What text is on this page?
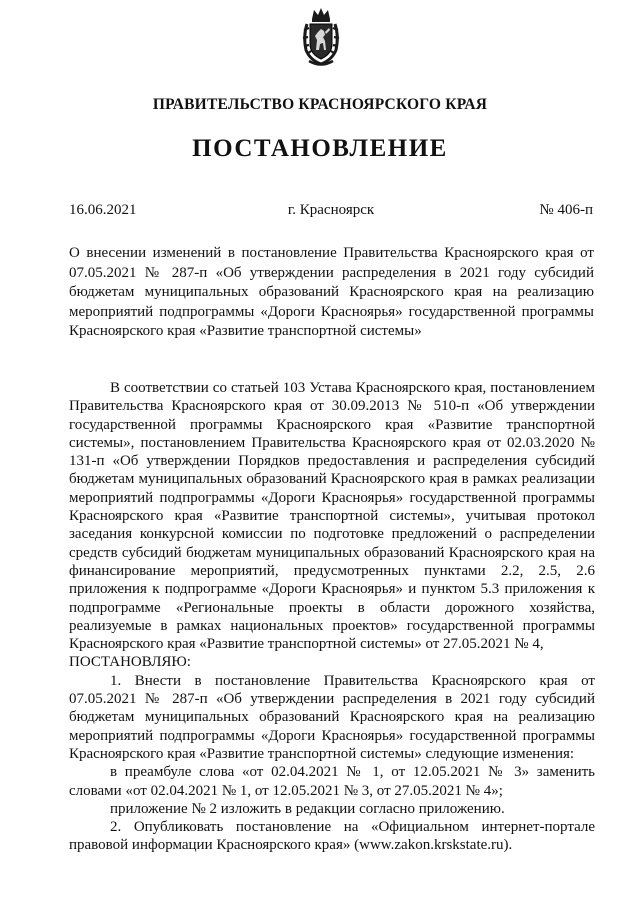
ПРАВИТЕЛЬСТВО КРАСНОЯРСКОГО КРАЯ
ПОСТАНОВЛЕНИЕ
г. Красноярск
16.06.2021	№ 406-п
О внесении изменений в постановление Правительства Красноярского края от 07.05.2021 № 287-п «Об утверждении распределения в 2021 году субсидий бюджетам муниципальных образований Красноярского края на реализацию мероприятий подпрограммы «Дороги Красноярья» государственной программы Красноярского края «Развитие транспортной системы»

В соответствии со статьей 103 Устава Красноярского края, постановлением Правительства Красноярского края от 30.09.2013 № 510-п «Об утверждении государственной программы Красноярского края «Развитие транспортной системы», постановлением Правительства Красноярского края от 02.03.2020 № 131-п «Об утверждении Порядков предоставления и распределения субсидий бюджетам муниципальных образований Красноярского края в рамках реализации мероприятий подпрограммы «Дороги Красноярья» государственной программы Красноярского края «Развитие транспортной системы», учитывая протокол заседания конкурсной комиссии по подготовке предложений о распределении средств субсидий бюджетам муниципальных образований Красноярского края на финансирование мероприятий, предусмотренных пунктами 2.2, 2.5, 2.6 приложения к подпрограмме «Дороги Красноярья» и пунктом 5.3 приложения к подпрограмме «Региональные проекты в области дорожного хозяйства, реализуемые в рамках национальных проектов» государственной программы Красноярского края «Развитие транспортной системы» от 27.05.2021 № 4,

ПОСТАНОВЛЯЮ:

1. Внести в постановление Правительства Красноярского края от 07.05.2021 № 287-п «Об утверждении распределения в 2021 году субсидий бюджетам муниципальных образований Красноярского края на реализацию мероприятий подпрограммы «Дороги Красноярья» государственной программы Красноярского края «Развитие транспортной системы» следующие изменения:

в преамбуле слова «от 02.04.2021 № 1, от 12.05.2021 № 3» заменить словами «от 02.04.2021 № 1, от 12.05.2021 № 3, от 27.05.2021 № 4»;

приложение № 2 изложить в редакции согласно приложению.

2. Опубликовать постановление на «Официальном интернет-портале правовой информации Красноярского края» (www.zakon.krskstate.ru).
